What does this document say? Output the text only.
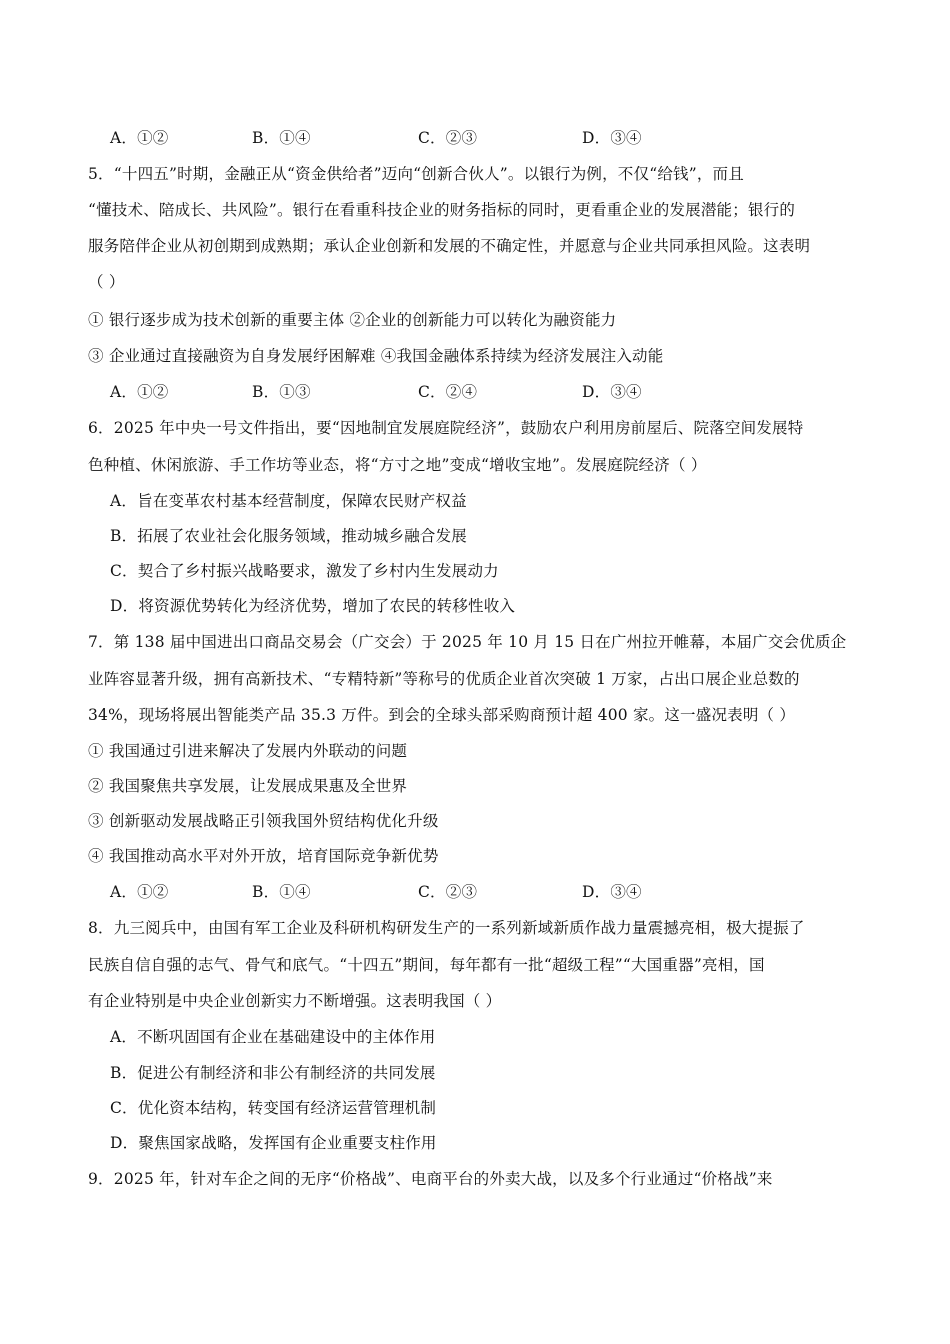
A．①②	B．①④	C．②③	D．③④
5．“十四五”时期，金融正从“资金供给者”迈向“创新合伙人”。以银行为例，不仅“给钱”，而且
“懂技术、陪成长、共风险”。银行在看重科技企业的财务指标的同时，更看重企业的发展潜能；银行的
服务陪伴企业从初创期到成熟期；承认企业创新和发展的不确定性，并愿意与企业共同承担风险。这表明
（ ）
① 银行逐步成为技术创新的重要主体 ②企业的创新能力可以转化为融资能力
③ 企业通过直接融资为自身发展纾困解难 ④我国金融体系持续为经济发展注入动能
A．①②	B．①③	C．②④	D．③④
6．2025 年中央一号文件指出，要“因地制宜发展庭院经济”，鼓励农户利用房前屋后、院落空间发展特
色种植、休闲旅游、手工作坊等业态，将“方寸之地”变成“增收宝地”。发展庭院经济（ ）
A．旨在变革农村基本经营制度，保障农民财产权益
B．拓展了农业社会化服务领域，推动城乡融合发展
C．契合了乡村振兴战略要求，激发了乡村内生发展动力
D．将资源优势转化为经济优势，增加了农民的转移性收入
7．第 138 届中国进出口商品交易会（广交会）于 2025 年 10 月 15 日在广州拉开帷幕，本届广交会优质企
业阵容显著升级，拥有高新技术、“专精特新”等称号的优质企业首次突破 1 万家，占出口展企业总数的
34%，现场将展出智能类产品 35.3 万件。到会的全球头部采购商预计超 400 家。这一盛况表明（ ）
① 我国通过引进来解决了发展内外联动的问题
② 我国聚焦共享发展，让发展成果惠及全世界
③ 创新驱动发展战略正引领我国外贸结构优化升级
④ 我国推动高水平对外开放，培育国际竞争新优势
A．①②	B．①④	C．②③	D．③④
8．九三阅兵中，由国有军工企业及科研机构研发生产的一系列新域新质作战力量震撼亮相，极大提振了
民族自信自强的志气、骨气和底气。“十四五”期间，每年都有一批“超级工程”“大国重器”亮相，国
有企业特别是中央企业创新实力不断增强。这表明我国（ ）
A．不断巩固国有企业在基础建设中的主体作用
B．促进公有制经济和非公有制经济的共同发展
C．优化资本结构，转变国有经济运营管理机制
D．聚焦国家战略，发挥国有企业重要支柱作用
9．2025 年，针对车企之间的无序“价格战”、电商平台的外卖大战，以及多个行业通过“价格战”来
